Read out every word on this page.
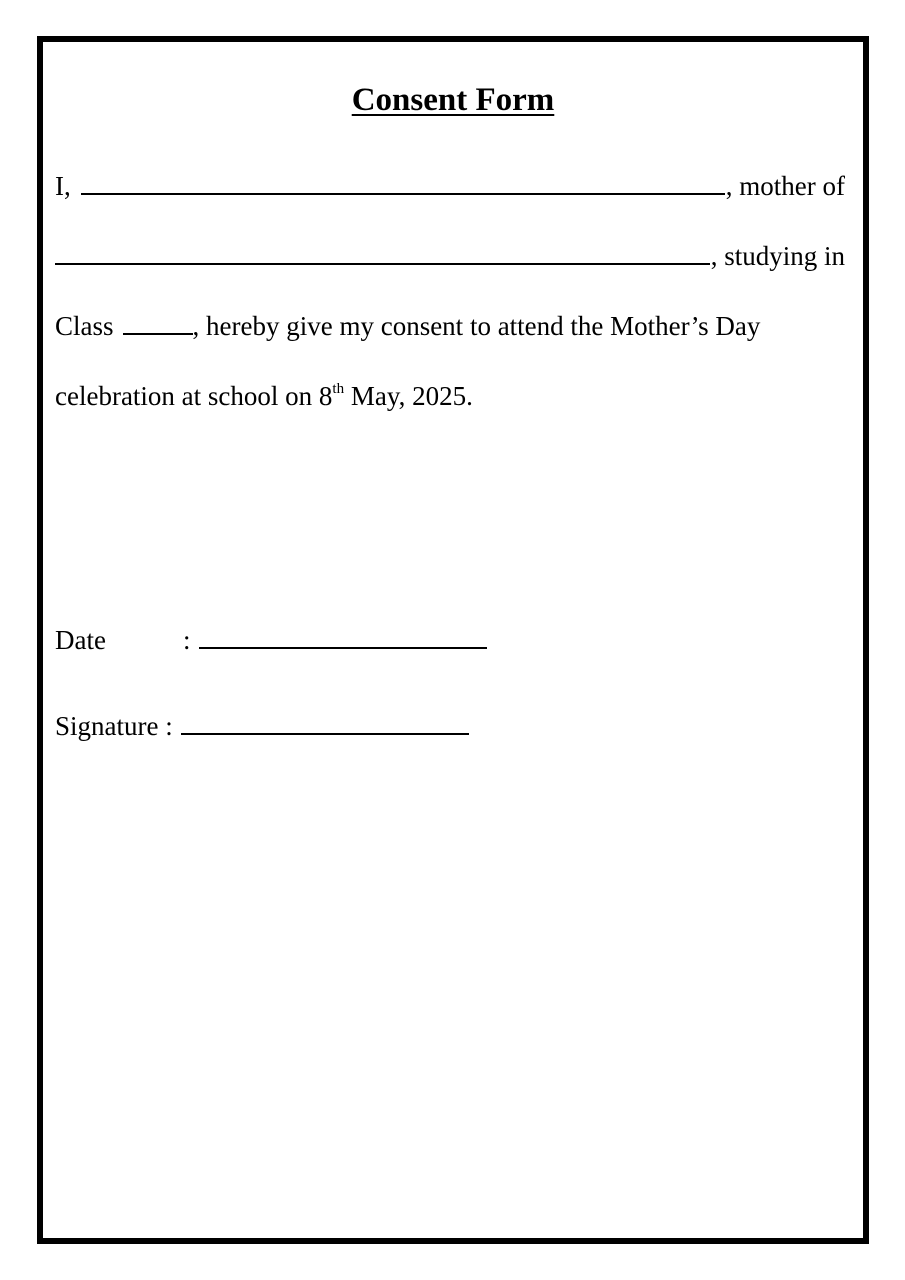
Consent Form
I,	, mother of
, studying in
Class	, hereby give my consent to attend the Mother’s Day
celebration at school on 8th May, 2025.
Date	:
Signature :
